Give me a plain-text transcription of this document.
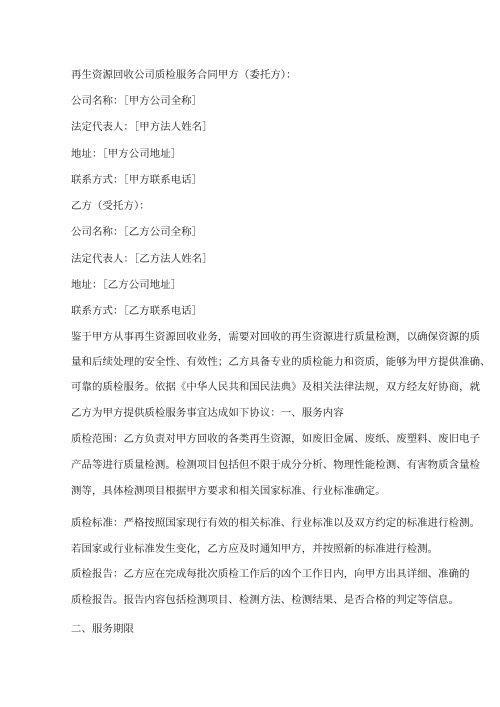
再生资源回收公司质检服务合同甲方（委托方）：
公司名称：［甲方公司全称］
法定代表人：［甲方法人姓名］
地址：［甲方公司地址］
联系方式：［甲方联系电话］
乙方（受托方）：
公司名称：［乙方公司全称］
法定代表人：［乙方法人姓名］
地址：［乙方公司地址］
联系方式：［乙方联系电话］
鉴于甲方从事再生资源回收业务，需要对回收的再生资源进行质量检测，以确保资源的质
量和后续处理的安全性、有效性；乙方具备专业的质检能力和资质，能够为甲方提供准确、
可靠的质检服务。依据《中华人民共和国民法典》及相关法律法规，双方经友好协商，就
乙方为甲方提供质检服务事宜达成如下协议：一、服务内容
质检范围：乙方负责对甲方回收的各类再生资源，如废旧金属、废纸、废塑料、废旧电子
产品等进行质量检测。检测项目包括但不限于成分分析、物理性能检测、有害物质含量检
测等，具体检测项目根据甲方要求和相关国家标准、行业标准确定。
质检标准：严格按照国家现行有效的相关标准、行业标准以及双方约定的标准进行检测。
若国家或行业标准发生变化，乙方应及时通知甲方，并按照新的标准进行检测。
质检报告：乙方应在完成每批次质检工作后的凶个工作日内，向甲方出具详细、准确的
质检报告。报告内容包括检测项目、检测方法、检测结果、是否合格的判定等信息。
二、服务期限
